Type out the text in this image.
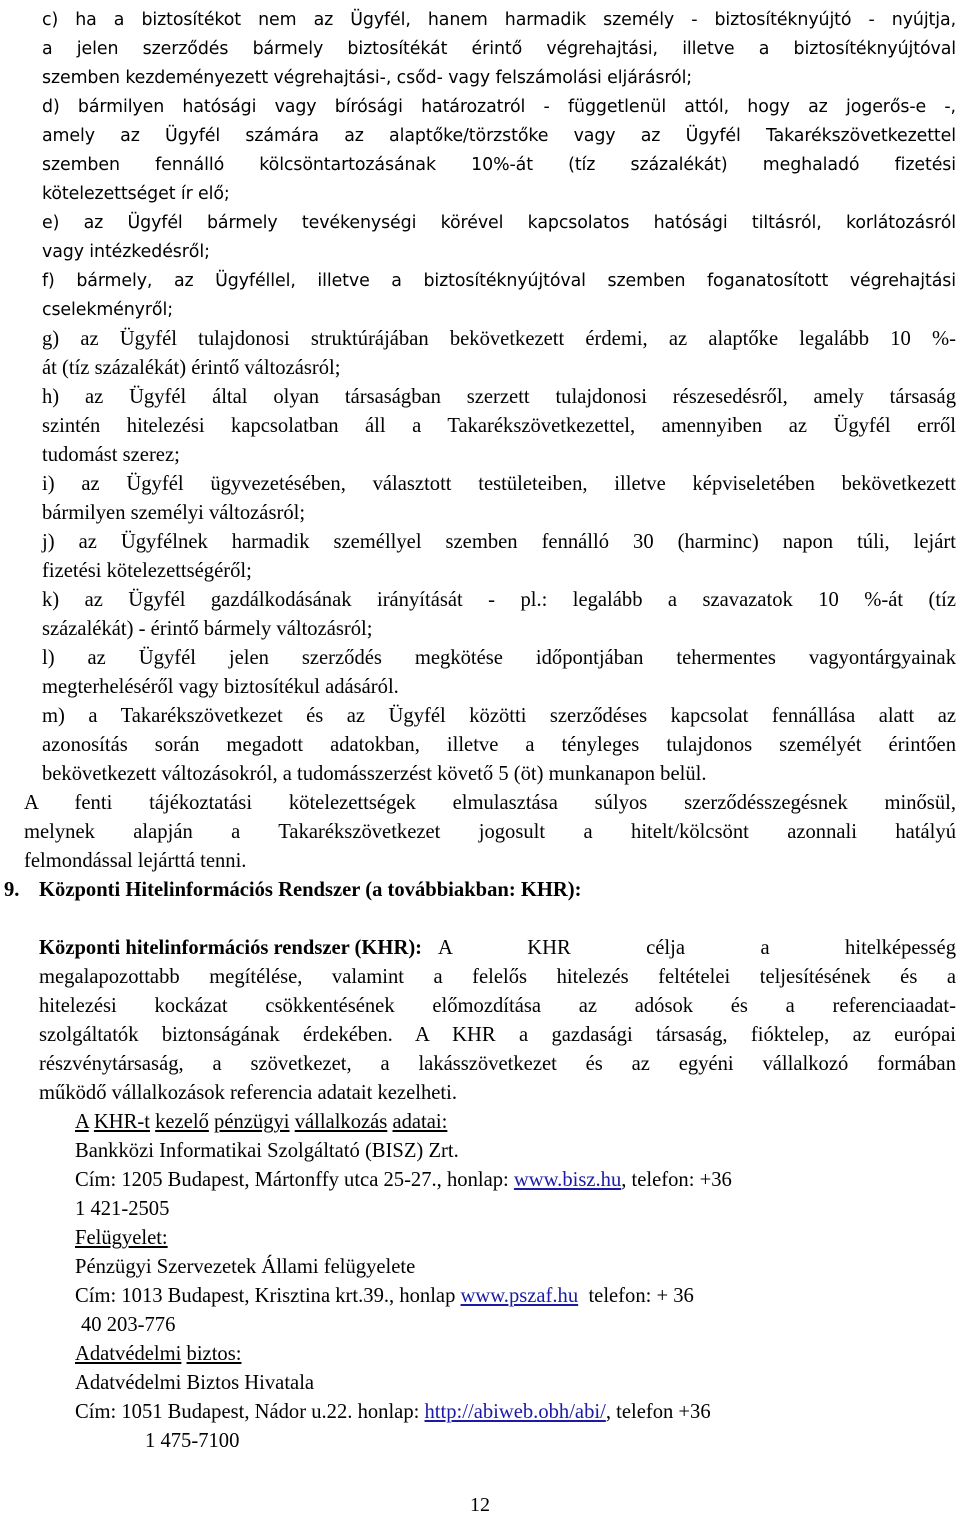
c) ha a biztosítékot nem az Ügyfél, hanem harmadik személy - biztosítéknyújtó - nyújtja,
a jelen szerződés bármely biztosítékát érintő végrehajtási, illetve a biztosítéknyújtóval
szemben kezdeményezett végrehajtási-, csőd- vagy felszámolási eljárásról;
d) bármilyen hatósági vagy bírósági határozatról - függetlenül attól, hogy az jogerős-e -,
amely az Ügyfél számára az alaptőke/törzstőke vagy az Ügyfél Takarékszövetkezettel
szemben fennálló kölcsöntartozásának 10%-át (tíz százalékát) meghaladó fizetési
kötelezettséget ír elő;
e) az Ügyfél bármely tevékenységi körével kapcsolatos hatósági tiltásról, korlátozásról
vagy intézkedésről;
f) bármely, az Ügyféllel, illetve a biztosítéknyújtóval szemben foganatosított végrehajtási
cselekményről;
g) az Ügyfél tulajdonosi struktúrájában bekövetkezett érdemi, az alaptőke legalább 10 %-
át (tíz százalékát) érintő változásról;
h) az Ügyfél által olyan társaságban szerzett tulajdonosi részesedésről, amely társaság
szintén hitelezési kapcsolatban áll a Takarékszövetkezettel, amennyiben az Ügyfél erről
tudomást szerez;
i) az Ügyfél ügyvezetésében, választott testületeiben, illetve képviseletében bekövetkezett
bármilyen személyi változásról;
j) az Ügyfélnek harmadik személlyel szemben fennálló 30 (harminc) napon túli, lejárt
fizetési kötelezettségéről;
k) az Ügyfél gazdálkodásának irányítását - pl.: legalább a szavazatok 10 %-át (tíz
százalékát) - érintő bármely változásról;
l) az Ügyfél jelen szerződés megkötése időpontjában tehermentes vagyontárgyainak
megterheléséről vagy biztosítékul adásáról.
m) a Takarékszövetkezet és az Ügyfél közötti szerződéses kapcsolat fennállása alatt az
azonosítás során megadott adatokban, illetve a tényleges tulajdonos személyét érintően
bekövetkezett változásokról, a tudomásszerzést követő 5 (öt) munkanapon belül.
A fenti tájékoztatási kötelezettségek elmulasztása súlyos szerződésszegésnek minősül,
melynek alapján a Takarékszövetkezet jogosult a hitelt/kölcsönt azonnali hatályú
felmondással lejárttá tenni.
9. Központi Hitelinformációs Rendszer (a továbbiakban: KHR):
Központi hitelinformációs rendszer (KHR): A KHR célja a hitelképesség
megalapozottabb megítélése, valamint a felelős hitelezés feltételei teljesítésének és a
hitelezési kockázat csökkentésének előmozdítása az adósok és a referenciaadat-
szolgáltatók biztonságának érdekében. A KHR a gazdasági társaság, fióktelep, az európai
részvénytársaság, a szövetkezet, a lakásszövetkezet és az egyéni vállalkozó formában
működő vállalkozások referencia adatait kezelheti.
A KHR-t kezelő pénzügyi vállalkozás adatai:
Bankközi Informatikai Szolgáltató (BISZ) Zrt.
Cím: 1205 Budapest, Mártonffy utca 25-27., honlap: www.bisz.hu, telefon: +36
1 421-2505
Felügyelet:
Pénzügyi Szervezetek Állami felügyelete
Cím: 1013 Budapest, Krisztina krt.39., honlap www.pszaf.hu telefon: + 36
40 203-776
Adatvédelmi biztos:
Adatvédelmi Biztos Hivatala
Cím: 1051 Budapest, Nádor u.22. honlap: http://abiweb.obh/abi/, telefon +36
1 475-7100
12
